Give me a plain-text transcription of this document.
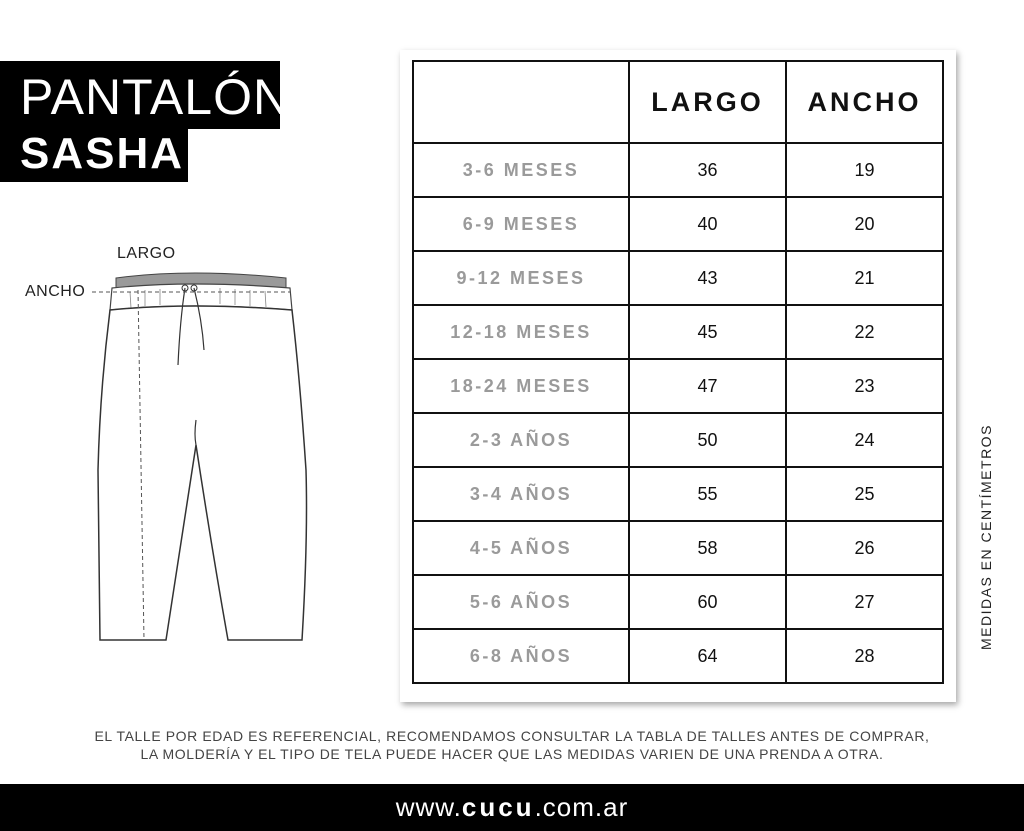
PANTALÓN
SASHA
LARGO
ANCHO
	LARGO	ANCHO
3-6 MESES	36	19
6-9 MESES	40	20
9-12 MESES	43	21
12-18 MESES	45	22
18-24 MESES	47	23
2-3 AÑOS	50	24
3-4 AÑOS	55	25
4-5 AÑOS	58	26
5-6 AÑOS	60	27
6-8 AÑOS	64	28
MEDIDAS EN CENTÍMETROS
EL TALLE POR EDAD ES REFERENCIAL, RECOMENDAMOS CONSULTAR LA TABLA DE TALLES ANTES DE COMPRAR,
LA MOLDERÍA Y EL TIPO DE TELA PUEDE HACER QUE LAS MEDIDAS VARIEN DE UNA PRENDA A OTRA.
www.cucu.com.ar
